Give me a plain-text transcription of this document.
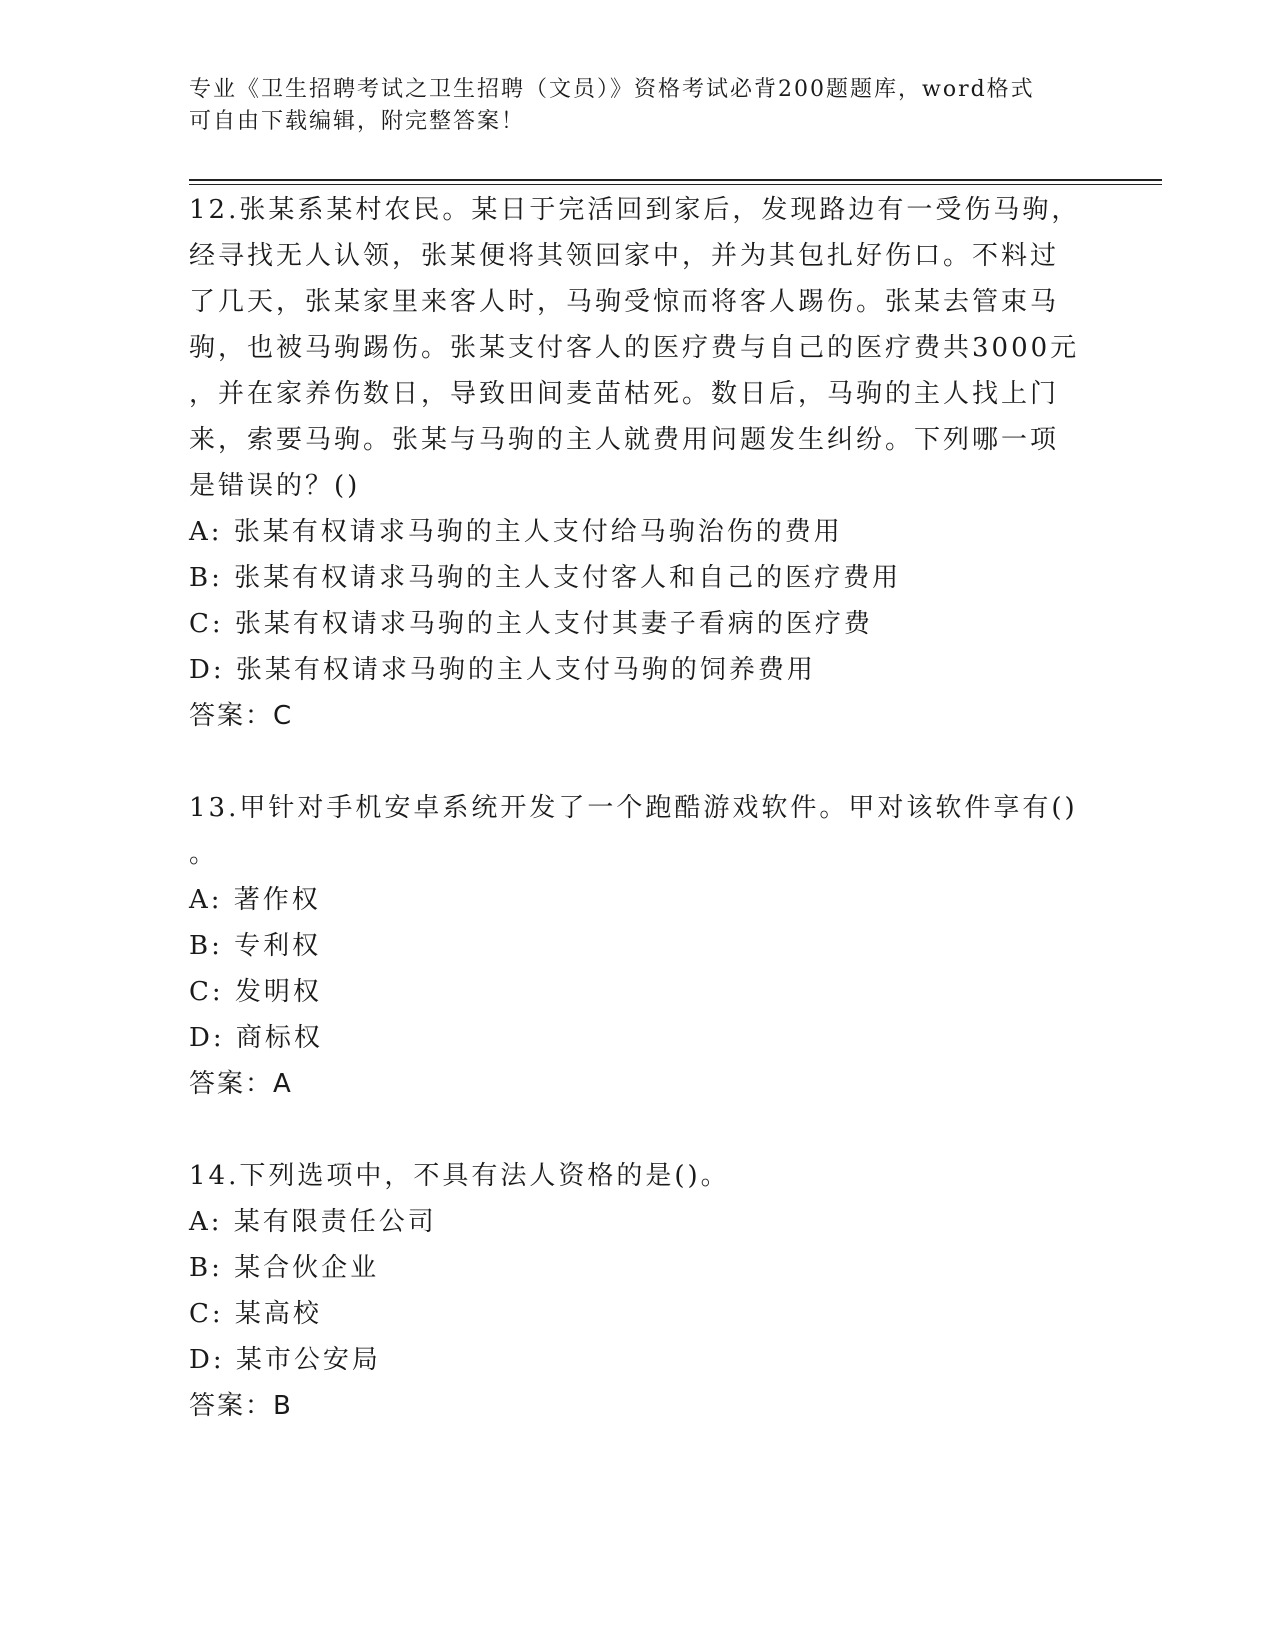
专业《卫生招聘考试之卫生招聘（文员）》资格考试必背200题题库，word格式
可自由下载编辑，附完整答案！
12.张某系某村农民。某日于完活回到家后，发现路边有一受伤马驹，
经寻找无人认领，张某便将其领回家中，并为其包扎好伤口。不料过
了几天，张某家里来客人时，马驹受惊而将客人踢伤。张某去管束马
驹，也被马驹踢伤。张某支付客人的医疗费与自己的医疗费共3000元
，并在家养伤数日，导致田间麦苗枯死。数日后，马驹的主人找上门
来，索要马驹。张某与马驹的主人就费用问题发生纠纷。下列哪一项
是错误的？()
A: 张某有权请求马驹的主人支付给马驹治伤的费用
B: 张某有权请求马驹的主人支付客人和自己的医疗费用
C: 张某有权请求马驹的主人支付其妻子看病的医疗费
D: 张某有权请求马驹的主人支付马驹的饲养费用
答案：C
13.甲针对手机安卓系统开发了一个跑酷游戏软件。甲对该软件享有()
。
A: 著作权
B: 专利权
C: 发明权
D: 商标权
答案：A
14.下列选项中，不具有法人资格的是()。
A: 某有限责任公司
B: 某合伙企业
C: 某高校
D: 某市公安局
答案：B
